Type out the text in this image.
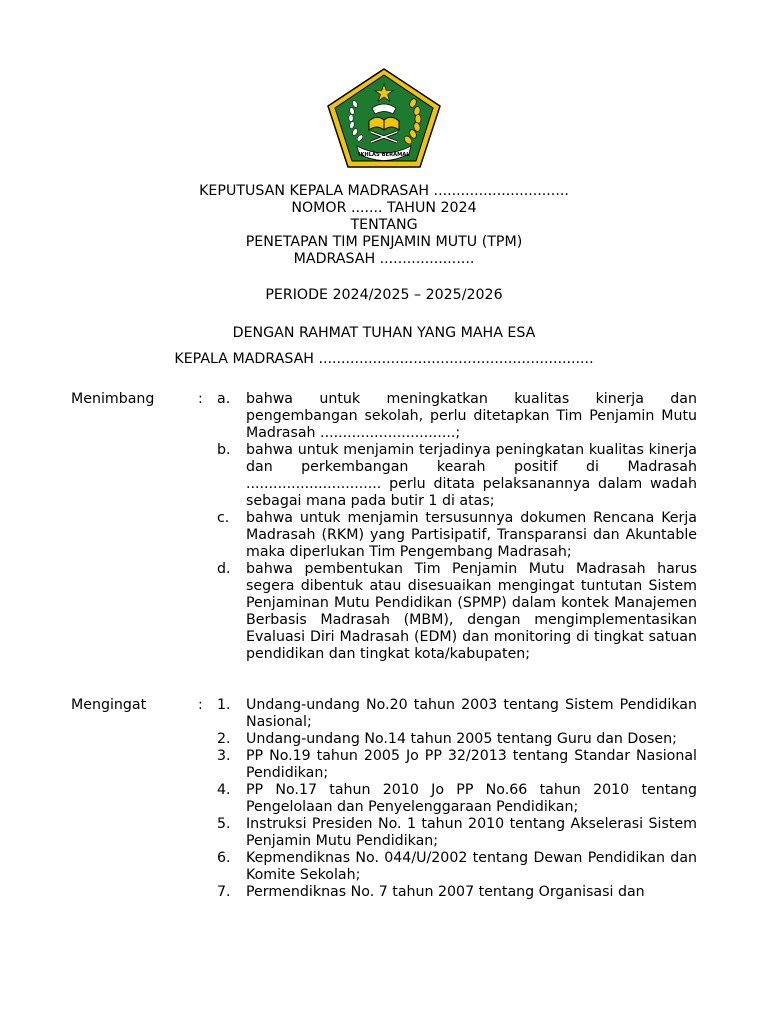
IKHLAS BERAMAL
KEPUTUSAN KEPALA MADRASAH ..............................
NOMOR ....... TAHUN 2024
TENTANG
PENETAPAN TIM PENJAMIN MUTU (TPM)
MADRASAH .....................
PERIODE 2024/2025 – 2025/2026
DENGAN RAHMAT TUHAN YANG MAHA ESA
KEPALA MADRASAH .............................................................
Menimbang	: a. bahwa untuk meningkatkan kualitas kinerja dan pengembangan sekolah, perlu ditetapkan Tim Penjamin Mutu Madrasah ..............................;
b. bahwa untuk menjamin terjadinya peningkatan kualitas kinerja dan perkembangan kearah positif di Madrasah .............................. perlu ditata pelaksanannya dalam wadah sebagai mana pada butir 1 di atas;
c. bahwa untuk menjamin tersusunnya dokumen Rencana Kerja Madrasah (RKM) yang Partisipatif, Transparansi dan Akuntable maka diperlukan Tim Pengembang Madrasah;
d. bahwa pembentukan Tim Penjamin Mutu Madrasah harus segera dibentuk atau disesuaikan mengingat tuntutan Sistem Penjaminan Mutu Pendidikan (SPMP) dalam kontek Manajemen Berbasis Madrasah (MBM), dengan mengimplementasikan Evaluasi Diri Madrasah (EDM) dan monitoring di tingkat satuan pendidikan dan tingkat kota/kabupaten;
Mengingat	: 1. Undang-undang No.20 tahun 2003 tentang Sistem Pendidikan Nasional;
2. Undang-undang No.14 tahun 2005 tentang Guru dan Dosen;
3. PP No.19 tahun 2005 Jo PP 32/2013 tentang Standar Nasional Pendidikan;
4. PP No.17 tahun 2010 Jo PP No.66 tahun 2010 tentang Pengelolaan dan Penyelenggaraan Pendidikan;
5. Instruksi Presiden No. 1 tahun 2010 tentang Akselerasi Sistem Penjamin Mutu Pendidikan;
6. Kepmendiknas No. 044/U/2002 tentang Dewan Pendidikan dan Komite Sekolah;
7. Permendiknas No. 7 tahun 2007 tentang Organisasi dan
